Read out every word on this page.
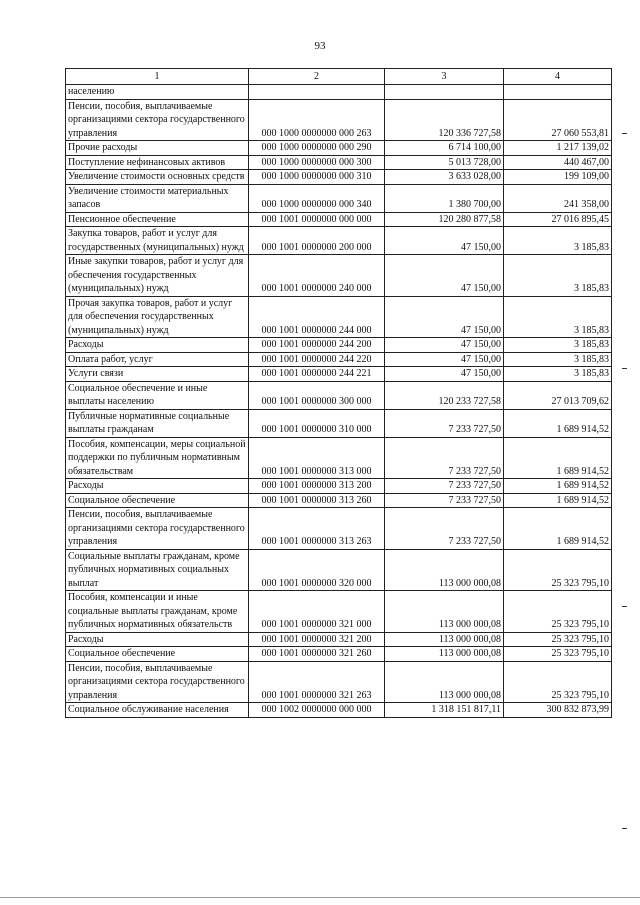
93
1	2	3	4
населению			
Пенсии, пособия, выплачиваемые организациями сектора государственного управления	000 1000 0000000 000 263	120 336 727,58	27 060 553,81
Прочие расходы	000 1000 0000000 000 290	6 714 100,00	1 217 139,02
Поступление нефинансовых активов	000 1000 0000000 000 300	5 013 728,00	440 467,00
Увеличение стоимости основных средств	000 1000 0000000 000 310	3 633 028,00	199 109,00
Увеличение стоимости материальных запасов	000 1000 0000000 000 340	1 380 700,00	241 358,00
Пенсионное обеспечение	000 1001 0000000 000 000	120 280 877,58	27 016 895,45
Закупка товаров, работ и услуг для государственных (муниципальных) нужд	000 1001 0000000 200 000	47 150,00	3 185,83
Иные закупки товаров, работ и услуг для обеспечения государственных (муниципальных) нужд	000 1001 0000000 240 000	47 150,00	3 185,83
Прочая закупка товаров, работ и услуг для обеспечения государственных (муниципальных) нужд	000 1001 0000000 244 000	47 150,00	3 185,83
Расходы	000 1001 0000000 244 200	47 150,00	3 185,83
Оплата работ, услуг	000 1001 0000000 244 220	47 150,00	3 185,83
Услуги связи	000 1001 0000000 244 221	47 150,00	3 185,83
Социальное обеспечение и иные выплаты населению	000 1001 0000000 300 000	120 233 727,58	27 013 709,62
Публичные нормативные социальные выплаты гражданам	000 1001 0000000 310 000	7 233 727,50	1 689 914,52
Пособия, компенсации, меры социальной поддержки по публичным нормативным обязательствам	000 1001 0000000 313 000	7 233 727,50	1 689 914,52
Расходы	000 1001 0000000 313 200	7 233 727,50	1 689 914,52
Социальное обеспечение	000 1001 0000000 313 260	7 233 727,50	1 689 914,52
Пенсии, пособия, выплачиваемые организациями сектора государственного управления	000 1001 0000000 313 263	7 233 727,50	1 689 914,52
Социальные выплаты гражданам, кроме публичных нормативных социальных выплат	000 1001 0000000 320 000	113 000 000,08	25 323 795,10
Пособия, компенсации и иные социальные выплаты гражданам, кроме публичных нормативных обязательств	000 1001 0000000 321 000	113 000 000,08	25 323 795,10
Расходы	000 1001 0000000 321 200	113 000 000,08	25 323 795,10
Социальное обеспечение	000 1001 0000000 321 260	113 000 000,08	25 323 795,10
Пенсии, пособия, выплачиваемые организациями сектора государственного управления	000 1001 0000000 321 263	113 000 000,08	25 323 795,10
Социальное обслуживание населения	000 1002 0000000 000 000	1 318 151 817,11	300 832 873,99
